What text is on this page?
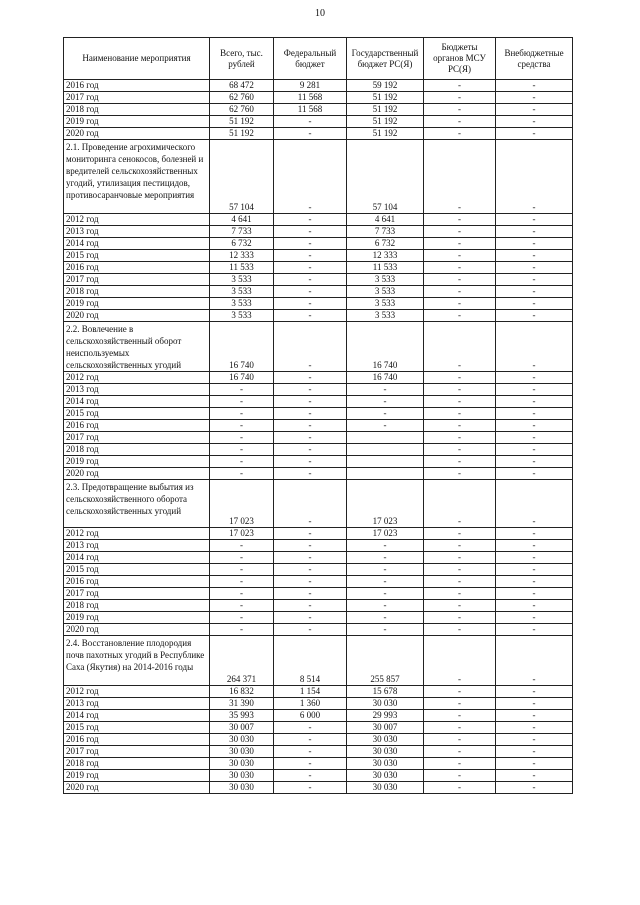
10
Наименование мероприятия	Всего, тыс. рублей	Федеральный бюджет	Государственный бюджет РС(Я)	Бюджеты органов МСУ РС(Я)	Внебюджетные средства
2016 год	68 472	9 281	59 192	-	-
2017 год	62 760	11 568	51 192	-	-
2018 год	62 760	11 568	51 192	-	-
2019 год	51 192	-	51 192	-	-
2020 год	51 192	-	51 192	-	-
2.1. Проведение агрохимического мониторинга сенокосов, болезней и вредителей сельскохозяйственных угодий, утилизация пестицидов, противосаранчовые мероприятия	57 104	-	57 104	-	-
2012 год	4 641	-	4 641	-	-
2013 год	7 733	-	7 733	-	-
2014 год	6 732	-	6 732	-	-
2015 год	12 333	-	12 333	-	-
2016 год	11 533	-	11 533	-	-
2017 год	3 533	-	3 533	-	-
2018 год	3 533	-	3 533	-	-
2019 год	3 533	-	3 533	-	-
2020 год	3 533	-	3 533	-	-
2.2. Вовлечение в сельскохозяйственный оборот неиспользуемых сельскохозяйственных угодий	16 740	-	16 740	-	-
2012 год	16 740	-	16 740	-	-
2013 год	-	-	-	-	-
2014 год	-	-	-	-	-
2015 год	-	-	-	-	-
2016 год	-	-	-	-	-
2017 год	-	-		-	-
2018 год	-	-		-	-
2019 год	-	-		-	-
2020 год	-	-		-	-
2.3. Предотвращение выбытия из сельскохозяйственного оборота сельскохозяйственных угодий	17 023	-	17 023	-	-
2012 год	17 023	-	17 023	-	-
2013 год	-	-	-	-	-
2014 год	-	-	-	-	-
2015 год	-	-	-	-	-
2016 год	-	-	-	-	-
2017 год	-	-	-	-	-
2018 год	-	-	-	-	-
2019 год	-	-	-	-	-
2020 год	-	-	-	-	-
2.4. Восстановление плодородия почв пахотных угодий в Республике Саха (Якутия) на 2014-2016 годы	264 371	8 514	255 857	-	-
2012 год	16 832	1 154	15 678	-	-
2013 год	31 390	1 360	30 030	-	-
2014 год	35 993	6 000	29 993	-	-
2015 год	30 007	-	30 007	-	-
2016 год	30 030	-	30 030	-	-
2017 год	30 030	-	30 030	-	-
2018 год	30 030	-	30 030	-	-
2019 год	30 030	-	30 030	-	-
2020 год	30 030	-	30 030	-	-
